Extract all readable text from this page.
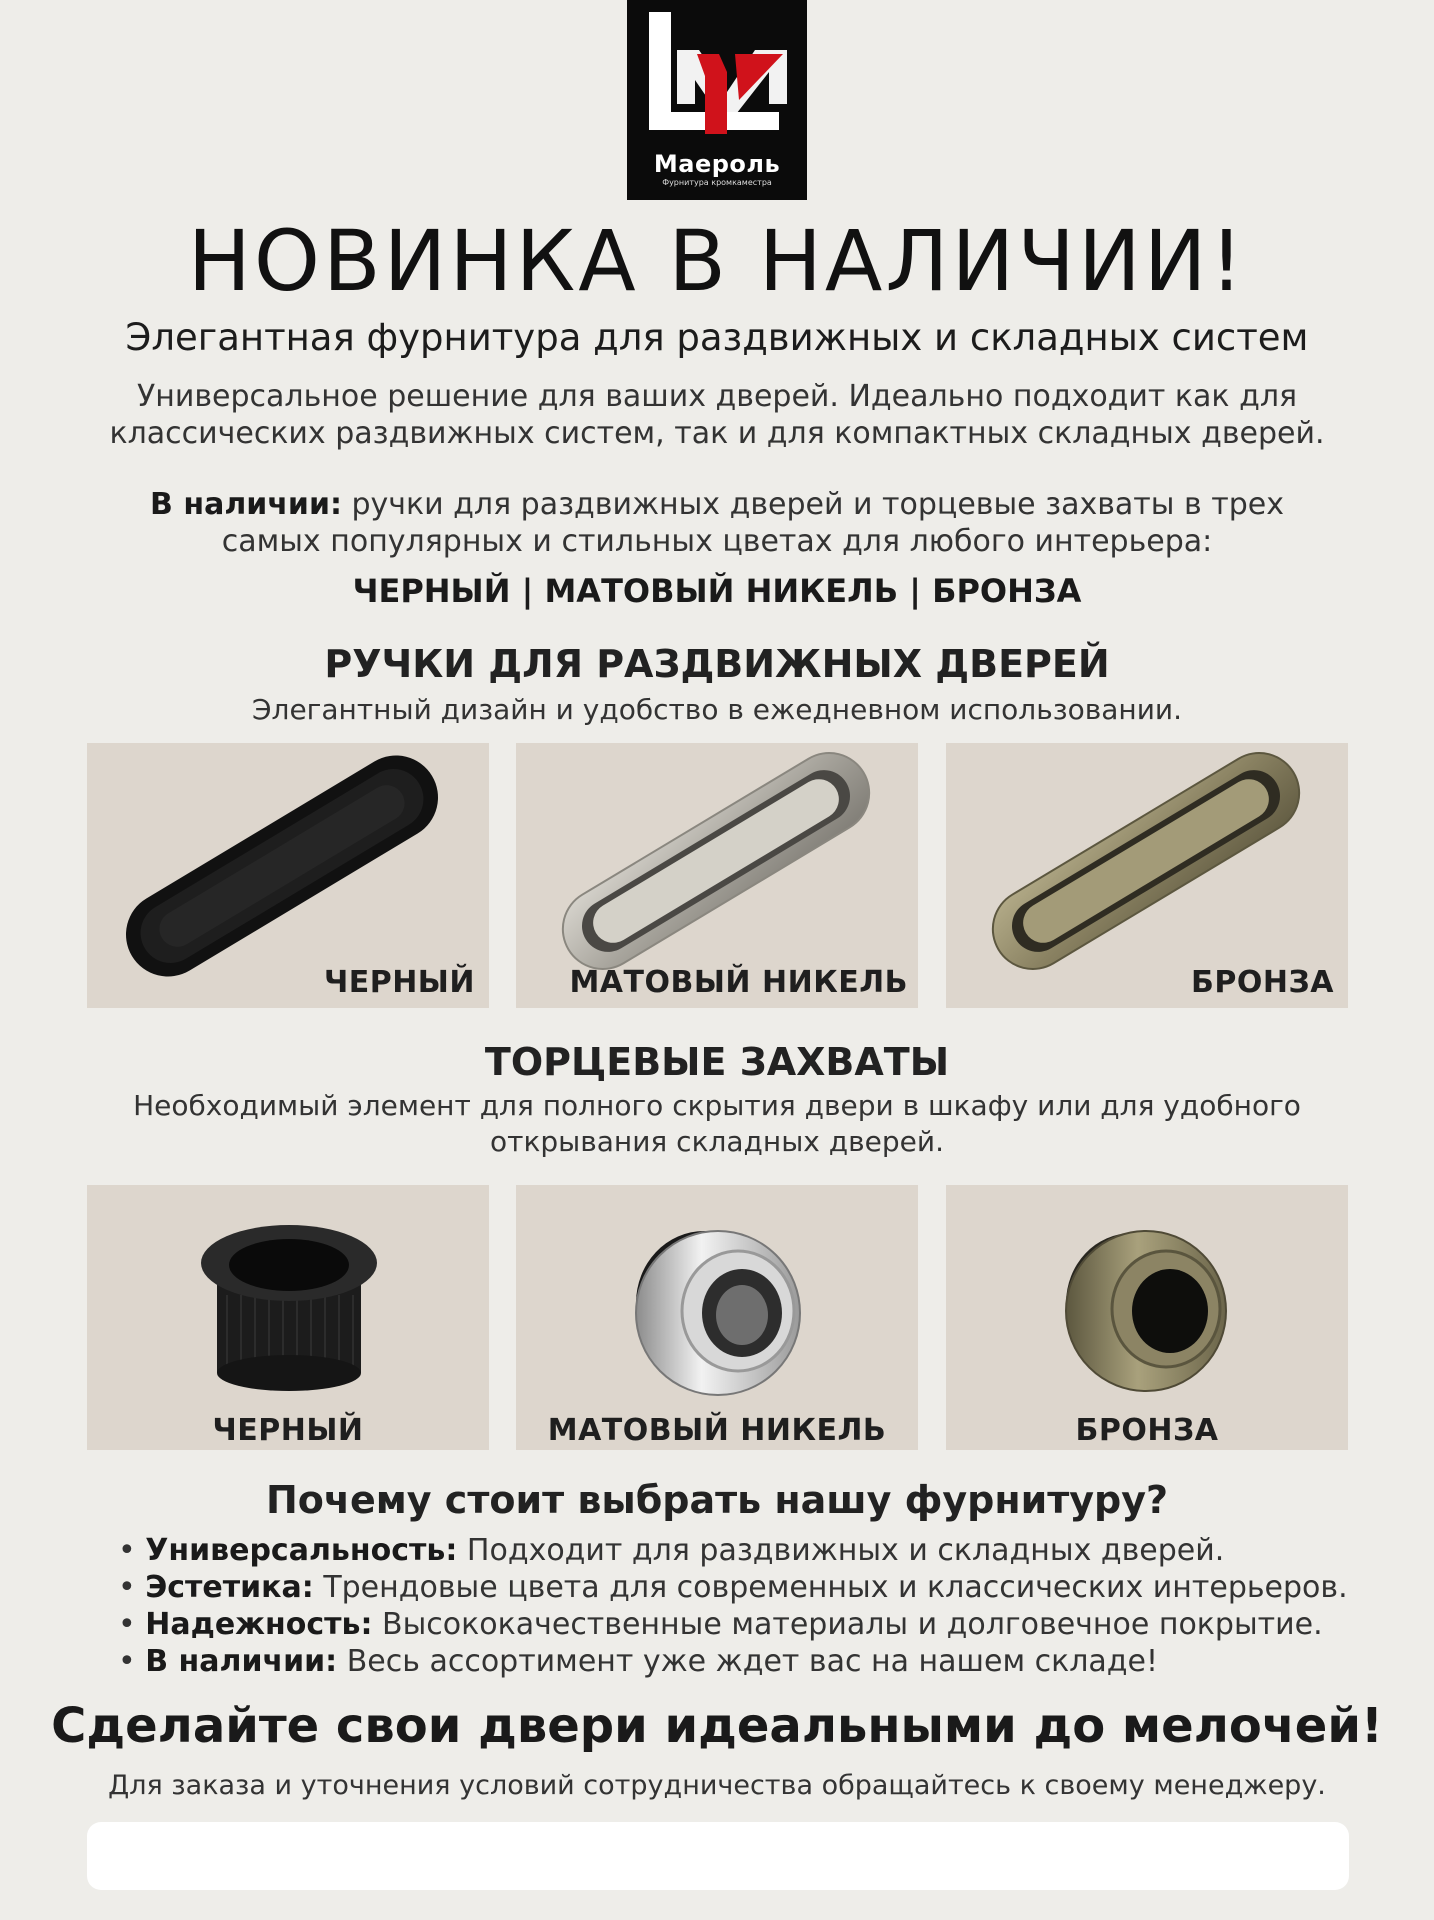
Маероль
Фурнитура кромкаместра
НОВИНКА В НАЛИЧИИ!
Элегантная фурнитура для раздвижных и складных систем
Универсальное решение для ваших дверей. Идеально подходит как для
классических раздвижных систем, так и для компактных складных дверей.
В наличии: ручки для раздвижных дверей и торцевые захваты в трех
самых популярных и стильных цветах для любого интерьера:
ЧЕРНЫЙ | МАТОВЫЙ НИКЕЛЬ | БРОНЗА
РУЧКИ ДЛЯ РАЗДВИЖНЫХ ДВЕРЕЙ
Элегантный дизайн и удобство в ежедневном использовании.
ЧЕРНЫЙ	МАТОВЫЙ НИКЕЛЬ	БРОНЗА
ТОРЦЕВЫЕ ЗАХВАТЫ
Необходимый элемент для полного скрытия двери в шкафу или для удобного
открывания складных дверей.
ЧЕРНЫЙ	МАТОВЫЙ НИКЕЛЬ	БРОНЗА
Почему стоит выбрать нашу фурнитуру?
• Универсальность: Подходит для раздвижных и складных дверей.
• Эстетика: Трендовые цвета для современных и классических интерьеров.
• Надежность: Высококачественные материалы и долговечное покрытие.
• В наличии: Весь ассортимент уже ждет вас на нашем складе!
Сделайте свои двери идеальными до мелочей!
Для заказа и уточнения условий сотрудничества обращайтесь к своему менеджеру.
